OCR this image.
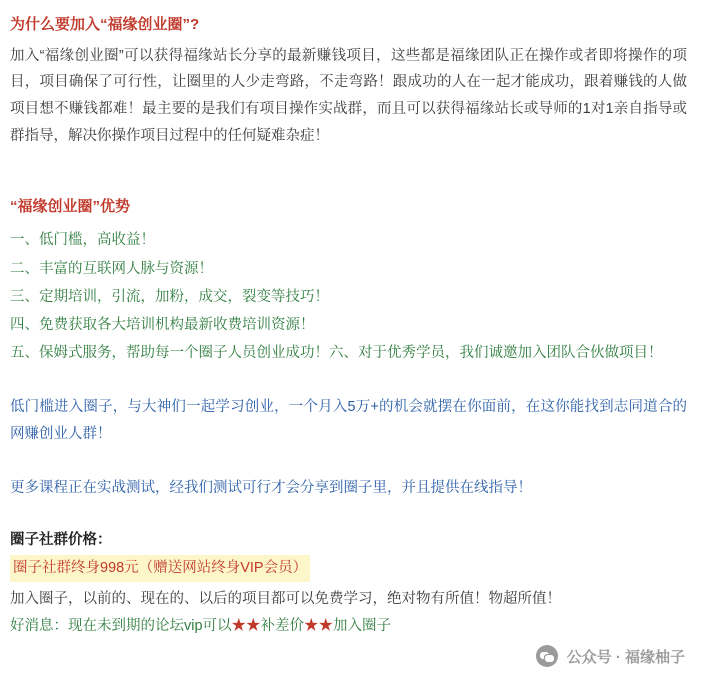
为什么要加入“福缘创业圈”?

加入“福缘创业圈”可以获得福缘站长分享的最新赚钱项目，这些都是福缘团队正在操作或者即将操作的项目，项目确保了可行性，让圈里的人少走弯路，不走弯路！跟成功的人在一起才能成功，跟着赚钱的人做项目想不赚钱都难！最主要的是我们有项目操作实战群，而且可以获得福缘站长或导师的1对1亲自指导或群指导，解决你操作项目过程中的任何疑难杂症！

“福缘创业圈”优势
一、低门槛，高收益！
二、丰富的互联网人脉与资源！
三、定期培训，引流，加粉，成交，裂变等技巧！
四、免费获取各大培训机构最新收费培训资源！
五、保姆式服务，帮助每一个圈子人员创业成功！六、对于优秀学员，我们诚邀加入团队合伙做项目！

低门槛进入圈子，与大神们一起学习创业，一个月入5万+的机会就摆在你面前，在这你能找到志同道合的网赚创业人群！

更多课程正在实战测试，经我们测试可行才会分享到圈子里，并且提供在线指导！

圈子社群价格：

圈子社群终身998元（赠送网站终身VIP会员）

加入圈子，以前的、现在的、以后的项目都可以免费学习，绝对物有所值！物超所值！

好消息：现在未到期的论坛vip可以★★补差价★★加入圈子

公众号 · 福缘柚子
